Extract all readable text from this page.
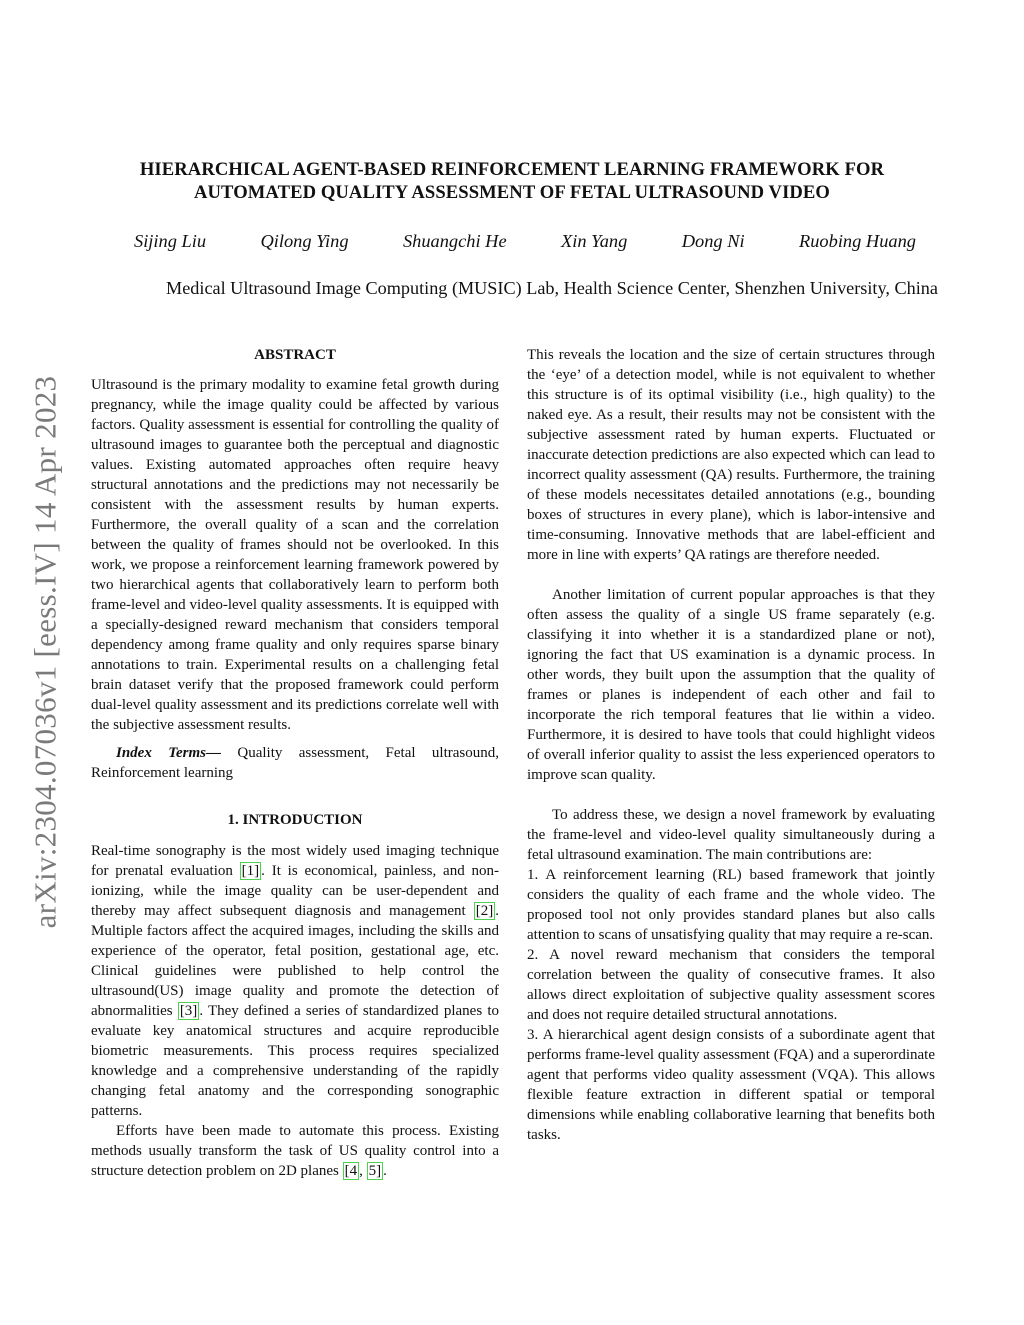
arXiv:2304.07036v1 [eess.IV] 14 Apr 2023
HIERARCHICAL AGENT-BASED REINFORCEMENT LEARNING FRAMEWORK FOR
AUTOMATED QUALITY ASSESSMENT OF FETAL ULTRASOUND VIDEO
Sijing Liu	Qilong Ying	Shuangchi He	Xin Yang	Dong Ni	Ruobing Huang
Medical Ultrasound Image Computing (MUSIC) Lab, Health Science Center, Shenzhen University, China
ABSTRACT

Ultrasound is the primary modality to examine fetal growth during pregnancy, while the image quality could be affected by various factors. Quality assessment is essential for controlling the quality of ultrasound images to guarantee both the perceptual and diagnostic values. Existing automated approaches often require heavy structural annotations and the predictions may not necessarily be consistent with the assessment results by human experts. Furthermore, the overall quality of a scan and the correlation between the quality of frames should not be overlooked. In this work, we propose a reinforcement learning framework powered by two hierarchical agents that collaboratively learn to perform both frame-level and video-level quality assessments. It is equipped with a specially-designed reward mechanism that considers temporal dependency among frame quality and only requires sparse binary annotations to train. Experimental results on a challenging fetal brain dataset verify that the proposed framework could perform dual-level quality assessment and its predictions correlate well with the subjective assessment results.

Index Terms— Quality assessment, Fetal ultrasound, Reinforcement learning

1. INTRODUCTION

Real-time sonography is the most widely used imaging technique for prenatal evaluation [1] . It is economical, painless, and non-ionizing, while the image quality can be user-dependent and thereby may affect subsequent diagnosis and management [2] . Multiple factors affect the acquired images, including the skills and experience of the operator, fetal position, gestational age, etc. Clinical guidelines were published to help control the ultrasound(US) image quality and promote the detection of abnormalities [3] . They defined a series of standardized planes to evaluate key anatomical structures and acquire reproducible biometric measurements. This process requires specialized knowledge and a comprehensive understanding of the rapidly changing fetal anatomy and the corresponding sonographic patterns.

Efforts have been made to automate this process. Existing methods usually transform the task of US quality control into a structure detection problem on 2D planes [4 , 5] .

This reveals the location and the size of certain structures through the ‘eye’ of a detection model, while is not equivalent to whether this structure is of its optimal visibility (i.e., high quality) to the naked eye. As a result, their results may not be consistent with the subjective assessment rated by human experts. Fluctuated or inaccurate detection predictions are also expected which can lead to incorrect quality assessment (QA) results. Furthermore, the training of these models necessitates detailed annotations (e.g., bounding boxes of structures in every plane), which is labor-intensive and time-consuming. Innovative methods that are label-efficient and more in line with experts’ QA ratings are therefore needed.

Another limitation of current popular approaches is that they often assess the quality of a single US frame separately (e.g. classifying it into whether it is a standardized plane or not), ignoring the fact that US examination is a dynamic process. In other words, they built upon the assumption that the quality of frames or planes is independent of each other and fail to incorporate the rich temporal features that lie within a video. Furthermore, it is desired to have tools that could highlight videos of overall inferior quality to assist the less experienced operators to improve scan quality.

To address these, we design a novel framework by evaluating the frame-level and video-level quality simultaneously during a fetal ultrasound examination. The main contributions are:

1. A reinforcement learning (RL) based framework that jointly considers the quality of each frame and the whole video. The proposed tool not only provides standard planes but also calls attention to scans of unsatisfying quality that may require a re-scan.

2. A novel reward mechanism that considers the temporal correlation between the quality of consecutive frames. It also allows direct exploitation of subjective quality assessment scores and does not require detailed structural annotations.

3. A hierarchical agent design consists of a subordinate agent that performs frame-level quality assessment (FQA) and a superordinate agent that performs video quality assessment (VQA). This allows flexible feature extraction in different spatial or temporal dimensions while enabling collaborative learning that benefits both tasks.
